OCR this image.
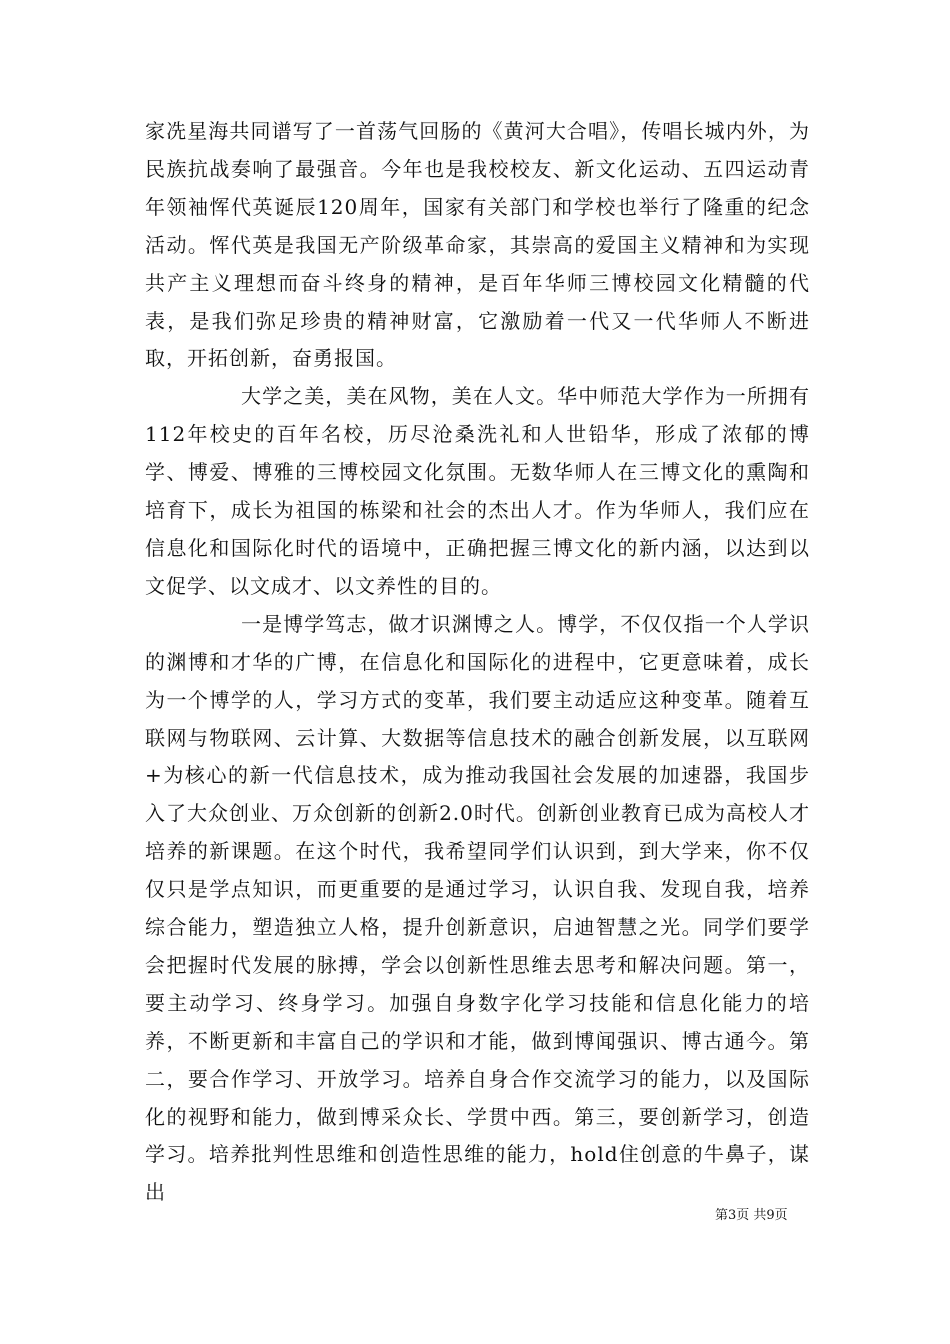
家冼星海共同谱写了一首荡气回肠的《黄河大合唱》，传唱长城内外，为民族抗战奏响了最强音。今年也是我校校友、新文化运动、五四运动青年领袖恽代英诞辰120周年，国家有关部门和学校也举行了隆重的纪念活动。恽代英是我国无产阶级革命家，其崇高的爱国主义精神和为实现共产主义理想而奋斗终身的精神，是百年华师三博校园文化精髓的代表，是我们弥足珍贵的精神财富，它激励着一代又一代华师人不断进取，开拓创新，奋勇报国。

大学之美，美在风物，美在人文。华中师范大学作为一所拥有112年校史的百年名校，历尽沧桑洗礼和人世铅华，形成了浓郁的博学、博爱、博雅的三博校园文化氛围。无数华师人在三博文化的熏陶和培育下，成长为祖国的栋梁和社会的杰出人才。作为华师人，我们应在信息化和国际化时代的语境中，正确把握三博文化的新内涵，以达到以文促学、以文成才、以文养性的目的。

一是博学笃志，做才识渊博之人。博学，不仅仅指一个人学识的渊博和才华的广博，在信息化和国际化的进程中，它更意味着，成长为一个博学的人，学习方式的变革，我们要主动适应这种变革。随着互联网与物联网、云计算、大数据等信息技术的融合创新发展，以互联网+为核心的新一代信息技术，成为推动我国社会发展的加速器，我国步入了大众创业、万众创新的创新2.0时代。创新创业教育已成为高校人才培养的新课题。在这个时代，我希望同学们认识到，到大学来，你不仅仅只是学点知识，而更重要的是通过学习，认识自我、发现自我，培养综合能力，塑造独立人格，提升创新意识，启迪智慧之光。同学们要学会把握时代发展的脉搏，学会以创新性思维去思考和解决问题。第一，要主动学习、终身学习。加强自身数字化学习技能和信息化能力的培养，不断更新和丰富自己的学识和才能，做到博闻强识、博古通今。第二，要合作学习、开放学习。培养自身合作交流学习的能力，以及国际化的视野和能力，做到博采众长、学贯中西。第三，要创新学习，创造学习。培养批判性思维和创造性思维的能力，hold住创意的牛鼻子，谋出

第3页 共9页
